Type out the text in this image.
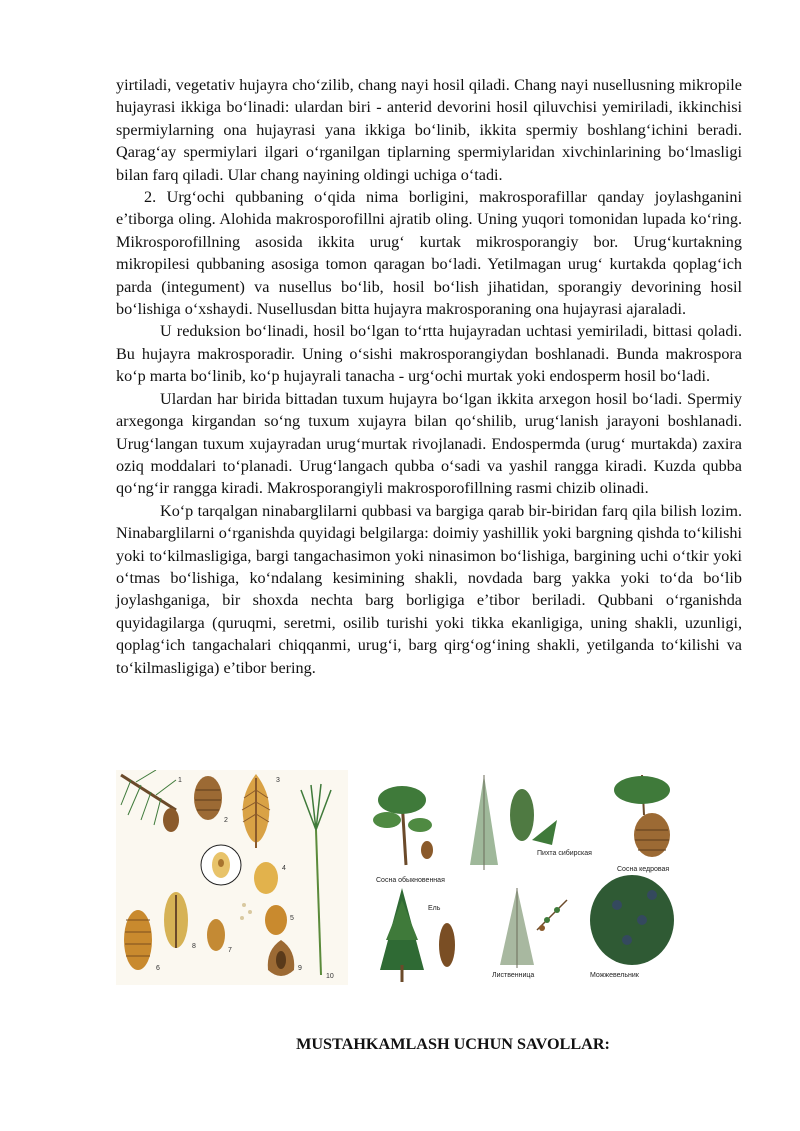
yirtiladi, vegetativ hujayra cho‘zilib, chang nayi hosil qiladi. Chang nayi nusellusning mikropile hujayrasi ikkiga bo‘linadi: ulardan biri - anterid devorini hosil qiluvchisi yemiriladi, ikkinchisi spermiylarning ona hujayrasi yana ikkiga bo‘linib, ikkita spermiy boshlang‘ichini beradi. Qarag‘ay spermiylari ilgari o‘rganilgan tiplarning spermiylaridan xivchinlarining bo‘lmasligi bilan farq qiladi. Ular chang nayining oldingi uchiga o‘tadi.

2. Urg‘ochi qubbaning o‘qida nima borligini, makrosporafillar qanday joylashganini e’tiborga oling. Alohida makrosporofillni ajratib oling. Uning yuqori tomonidan lupada ko‘ring. Mikrosporofillning asosida ikkita urug‘ kurtak mikrosporangiy bor. Urug‘kurtakning mikropilesi qubbaning asosiga tomon qaragan bo‘ladi. Yetilmagan urug‘ kurtakda qoplag‘ich parda (integument) va nusellus bo‘lib, hosil bo‘lish jihatidan, sporangiy devorining hosil bo‘lishiga o‘xshaydi. Nusellusdan bitta hujayra makrosporaning ona hujayrasi ajaraladi.

U reduksion bo‘linadi, hosil bo‘lgan to‘rtta hujayradan uchtasi yemiriladi, bittasi qoladi. Bu hujayra makrosporadir. Uning o‘sishi makrosporangiydan boshlanadi. Bunda makrospora ko‘p marta bo‘linib, ko‘p hujayrali tanacha - urg‘ochi murtak yoki endosperm hosil bo‘ladi.

Ulardan har birida bittadan tuxum hujayra bo‘lgan ikkita arxegon hosil bo‘ladi. Spermiy arxegonga kirgandan so‘ng tuxum xujayra bilan qo‘shilib, urug‘lanish jarayoni boshlanadi. Urug‘langan tuxum xujayradan urug‘murtak rivojlanadi. Endospermda (urug‘ murtakda) zaxira oziq moddalari to‘planadi. Urug‘langach qubba o‘sadi va yashil rangga kiradi. Kuzda qubba qo‘ng‘ir rangga kiradi. Makrosporangiyli makrosporofillning rasmi chizib olinadi.

Ko‘p tarqalgan ninabarglilarni qubbasi va bargiga qarab bir-biridan farq qila bilish lozim. Ninabarglilarni o‘rganishda quyidagi belgilarga: doimiy yashillik yoki bargning qishda to‘kilishi yoki to‘kilmasligiga, bargi tangachasimon yoki ninasimon bo‘lishiga, bargining uchi o‘tkir yoki o‘tmas bo‘lishiga, ko‘ndalang kesimining shakli, novdada barg yakka yoki to‘da bo‘lib joylashganiga, bir shoxda nechta barg borligiga e’tibor beriladi. Qubbani o‘rganishda quyidagilarga (quruqmi, seretmi, osilib turishi yoki tikka ekanligiga, uning shakli, uzunligi, qoplag‘ich tangachalari chiqqanmi, urug‘i, barg qirg‘og‘ining shakli, yetilganda to‘kilishi va to‘kilmasligiga) e’tibor bering.

1
2
3
4
5
6
7
8
9
10
Сосна обыкновенная
Пихта сибирская
Сосна кедровая
Ель
Лиственница	Можжевельник
MUSTAHKAMLASH UCHUN SAVOLLAR:
